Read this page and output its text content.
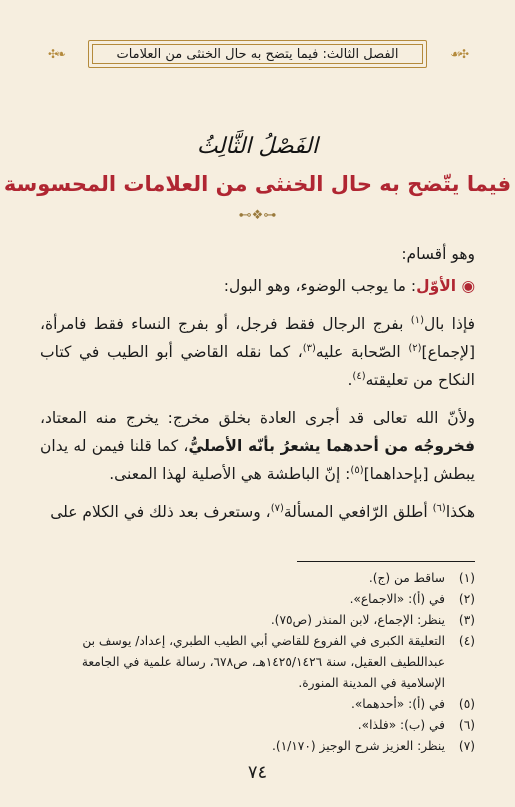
✣❧	الفصل الثالث: فيما يتضح به حال الخنثى من العلامات	☙✣
الفَصْلُ الثَّالِثُ
فيما يتّضح به حال الخنثى من العلامات المحسوسة
⊷❖⊶

وهو أقسام:

◉ الأوّل: ما يوجب الوضوء، وهو البول:

فإذا بال$^{(١)}$ بفرج الرجال فقط فرجل، أو بفرج النساء فقط فامرأة، [لإجماع]$^{(٢)}$ الصّحابة عليه$^{(٣)}$، كما نقله القاضي أبو الطيب في كتاب النكاح من تعليقته$^{(٤)}$.

ولأنّ الله تعالى قد أجرى العادة بخلق مخرج: يخرج منه المعتاد، فخروجُه من أحدهما يشعرُ بأنّه الأصليُّ، كما قلنا فيمن له يدان يبطش [بإحداهما]$^{(٥)}$: إنّ الباطشة هي الأصلية لهذا المعنى.

هكذا$^{(٦)}$ أطلق الرّافعي المسألة$^{(٧)}$، وستعرف بعد ذلك في الكلام على

(١)
ساقط من (ج).
(٢)
في (أ): «الاجماع».
(٣)
ينظر: الإجماع، لابن المنذر (ص٧٥).
(٤)
التعليقة الكبرى في الفروع للقاضي أبي الطيب الطبري، إعداد/ يوسف بن عبداللطيف العقيل، سنة ١٤٢٥/١٤٢٦هـ، ص٦٧٨، رسالة علمية في الجامعة الإسلامية في المدينة المنورة.
(٥)
في (أ): «أحدهما».
(٦)
في (ب): «فلذا».
(٧)
ينظر: العزيز شرح الوجيز (١/١٧٠).
٧٤
